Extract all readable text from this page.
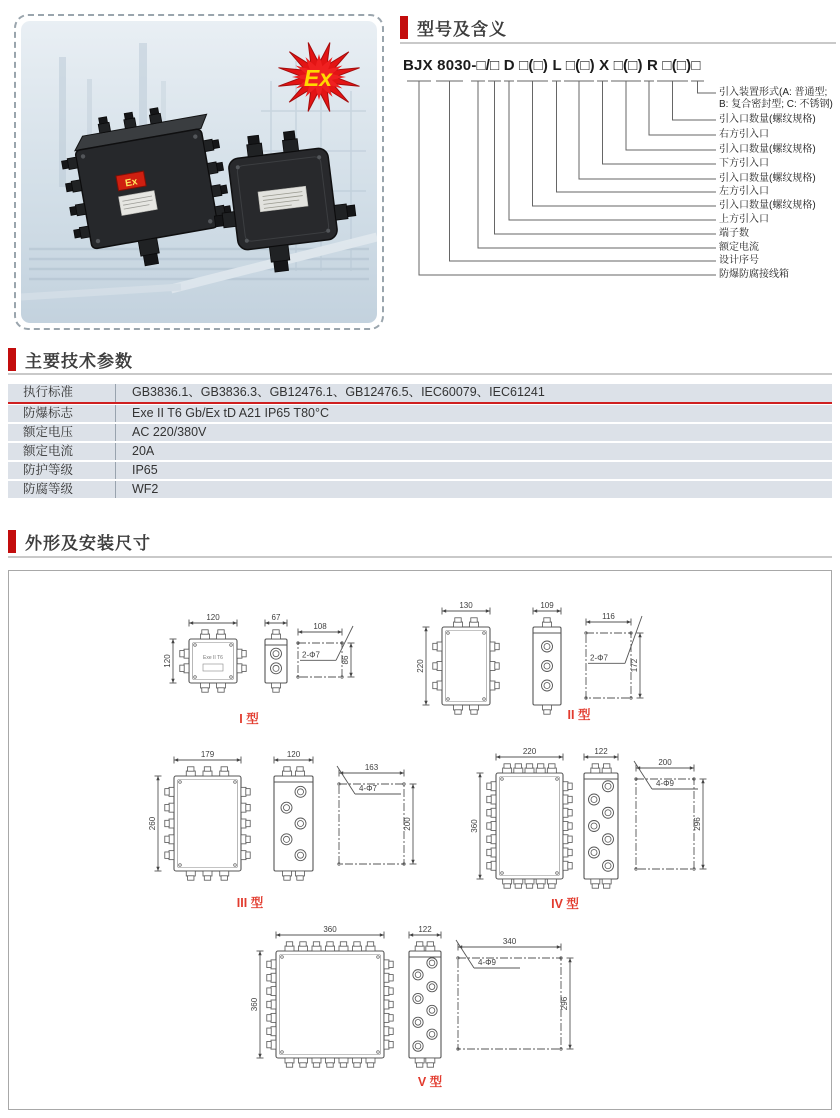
Ex
Ex
型号及含义
BJX 8030-□/□ D □(□) L □(□) X □(□) R □(□)□
引入装置形式(A: 普通型; B: 复合密封型; C: 不锈钢)
引入口数量(螺纹规格)
右方引入口
引入口数量(螺纹规格)
下方引入口
引入口数量(螺纹规格)
左方引入口
引入口数量(螺纹规格)
上方引入口
端子数
额定电流
设计序号
防爆防腐接线箱
主要技术参数
执行标准	GB3836.1、GB3836.3、GB12476.1、GB12476.5、IEC60079、IEC61241
防爆标志	Exe II T6 Gb/Ex tD A21 IP65 T80°C
额定电压	AC 220/380V
额定电流	20A
防护等级	IP65
防腐等级	WF2
外形及安装尺寸
Exe II T6
120
120
67
108
86
2-Φ7
I 型
130
220
109
116
172
2-Φ7
II 型
179
260
120
163
200
4-Φ7
III 型
220
360
122
200
296
4-Φ9
IV 型
360
360
122
340
296
4-Φ9
V 型
